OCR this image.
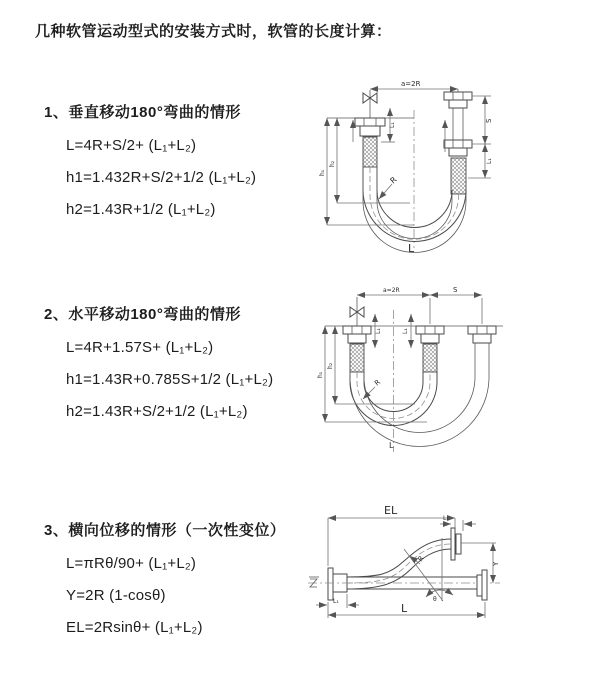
几种软管运动型式的安装方式时，软管的长度计算：
1、垂直移动180°弯曲的情形

L=4R+S/2+ (L₁+L₂)

h1=1.432R+S/2+1/2 (L₁+L₂)

h2=1.43R+1/2 (L₁+L₂)

a=2R
L₁
S
L₁
R
h₁
h₂
L
2、水平移动180°弯曲的情形

L=4R+1.57S+ (L₁+L₂)

h1=1.43R+0.785S+1/2 (L₁+L₂)

h2=1.43R+S/2+1/2 (L₁+L₂)

a=2R	S
L₁	L₁
R
h₁
h₂
L
3、横向位移的情形（一次性变位）

L=πRθ/90+ (L₁+L₂)

Y=2R (1-cosθ)

EL=2Rsinθ+ (L₁+L₂)

EL
L₁
θ
R
Y
L₁
L
